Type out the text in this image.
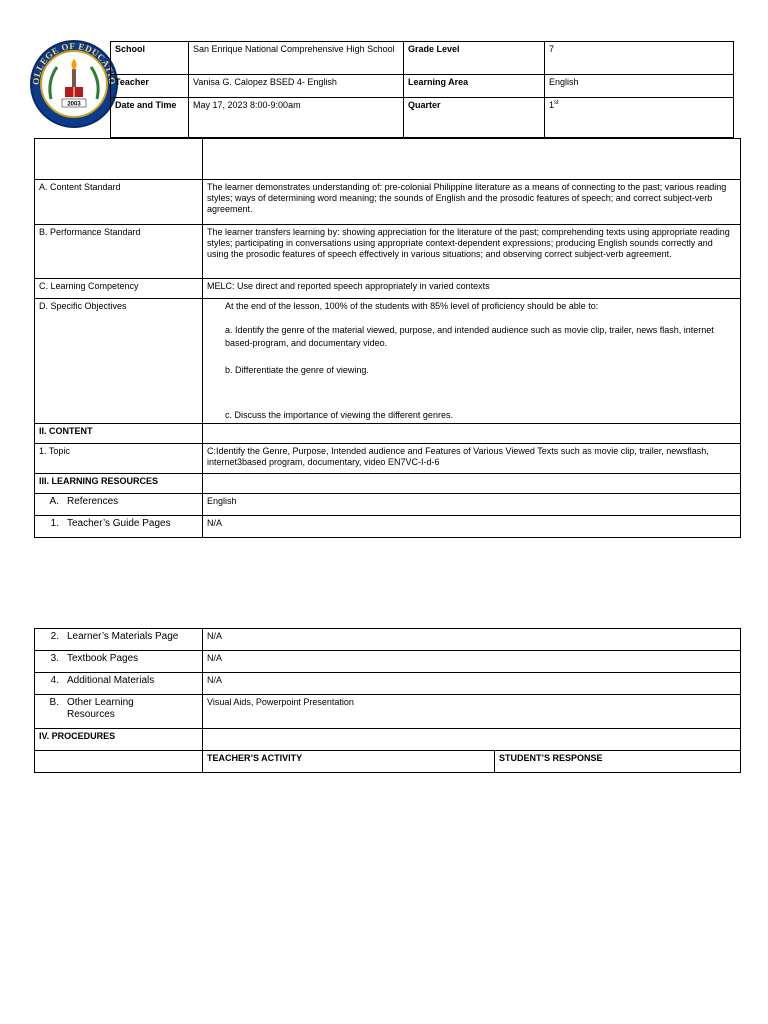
OLLEGE OF EDUCATIO
SAN ENRIQUE NHS
2003
School	San Enrique National Comprehensive High School	Grade Level	7
Teacher	Vanisa G. Calopez BSED 4- English	Learning Area	English
Date and Time	May 17, 2023 8:00-9:00am	Quarter	1st

A. Content Standard	The learner demonstrates understanding of: pre-colonial Philippine literature as a means of connecting to the past; various reading styles; ways of determining word meaning; the sounds of English and the prosodic features of speech; and correct subject-verb agreement.
B. Performance Standard	The learner transfers learning by: showing appreciation for the literature of the past; comprehending texts using appropriate reading styles; participating in conversations using appropriate context-dependent expressions; producing English sounds correctly and using the prosodic features of speech effectively in various situations; and observing correct subject-verb agreement.
C. Learning Competency	MELC: Use direct and reported speech appropriately in varied contexts
D. Specific Objectives	At the end of the lesson, 100% of the students with 85% level of proficiency should be able to:

a. Identify the genre of the material viewed, purpose, and intended audience such as movie clip, trailer, news flash, internet based-program, and documentary video.

b. Differentiate the genre of viewing.

c. Discuss the importance of viewing the different genres.

II. CONTENT	
1. Topic	C:Identify the Genre, Purpose, Intended audience and Features of Various Viewed Texts such as movie clip, trailer, newsflash, internet3based program, documentary, video EN7VC-I-d-6
III. LEARNING RESOURCES	
A. References	English
1. Teacher’s Guide Pages	N/A
2. Learner’s Materials Page	N/A	
3. Textbook Pages	N/A	
4. Additional Materials	N/A	

B. Other Learning Resources	Visual Aids, Powerpoint Presentation	
IV. PROCEDURES		
	TEACHER’S ACTIVITY	STUDENT’S RESPONSE
